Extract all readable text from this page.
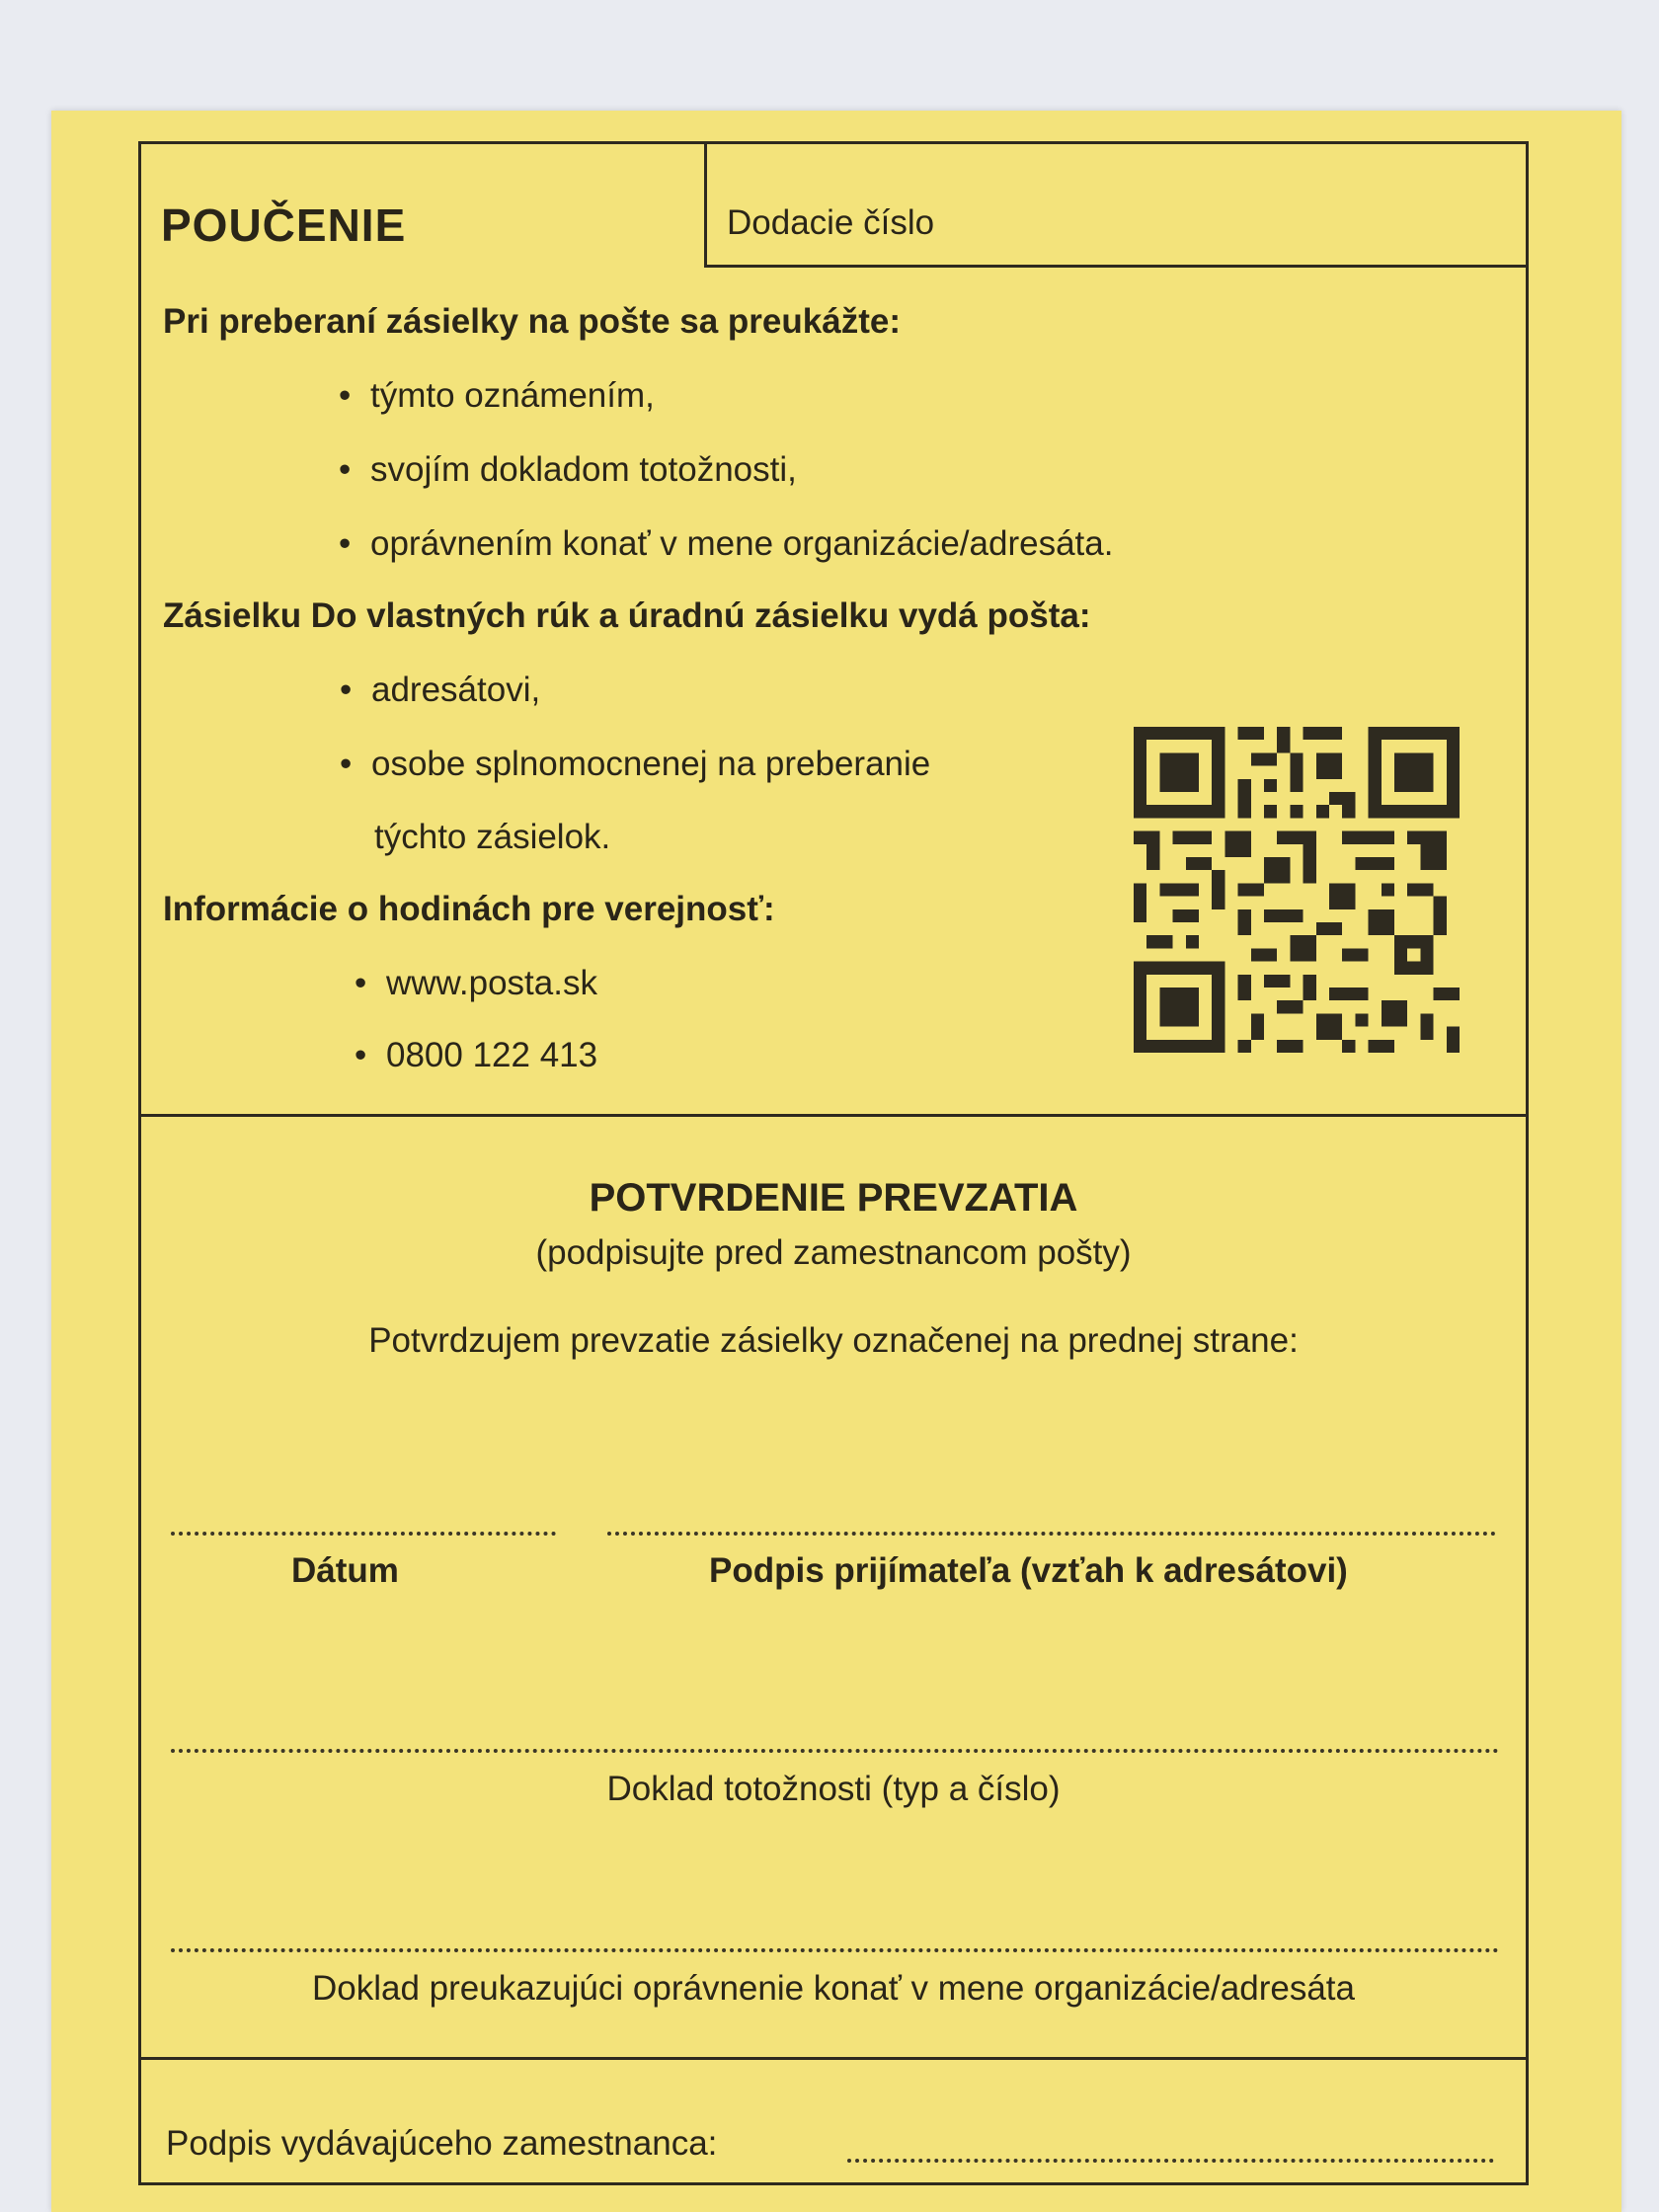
POUČENIE	Dodacie číslo
Pri preberaní zásielky na pošte sa preukážte:
• týmto oznámením,
• svojím dokladom totožnosti,
• oprávnením konať v mene organizácie/adresáta.
Zásielku Do vlastných rúk a úradnú zásielku vydá pošta:
• adresátovi,
• osobe splnomocnenej na preberanie
týchto zásielok.
Informácie o hodinách pre verejnosť:
• www.posta.sk
• 0800 122 413
POTVRDENIE PREVZATIA
(podpisujte pred zamestnancom pošty)
Potvrdzujem prevzatie zásielky označenej na prednej strane:
Dátum	Podpis prijímateľa (vzťah k adresátovi)
Doklad totožnosti (typ a číslo)
Doklad preukazujúci oprávnenie konať v mene organizácie/adresáta
Podpis vydávajúceho zamestnanca:
